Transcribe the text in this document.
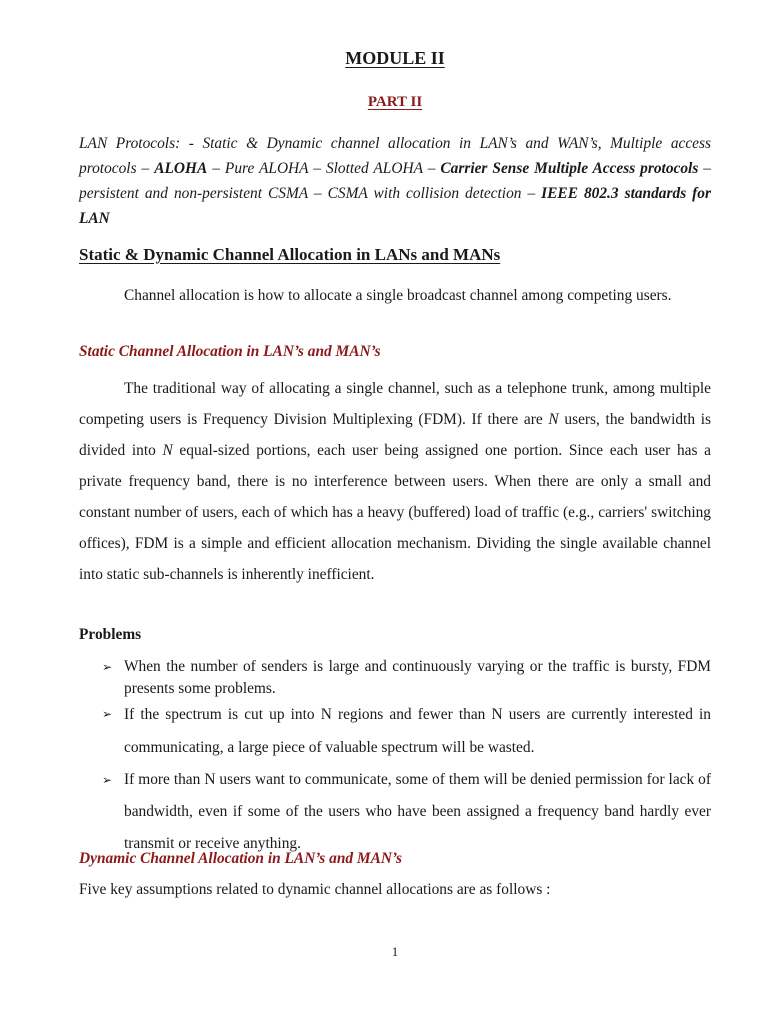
MODULE II
PART II

LAN Protocols: - Static & Dynamic channel allocation in LAN’s and WAN’s, Multiple access protocols – ALOHA – Pure ALOHA – Slotted ALOHA – Carrier Sense Multiple Access protocols – persistent and non-persistent CSMA – CSMA with collision detection – IEEE 802.3 standards for LAN

Static & Dynamic Channel Allocation in LANs and MANs

Channel allocation is how to allocate a single broadcast channel among competing users.

Static Channel Allocation in LAN’s and MAN’s

The traditional way of allocating a single channel, such as a telephone trunk, among multiple competing users is Frequency Division Multiplexing (FDM). If there are N users, the bandwidth is divided into N equal-sized portions, each user being assigned one portion. Since each user has a private frequency band, there is no interference between users. When there are only a small and constant number of users, each of which has a heavy (buffered) load of traffic (e.g., carriers' switching offices), FDM is a simple and efficient allocation mechanism. Dividing the single available channel into static sub-channels is inherently inefficient.

Problems
➢ When the number of senders is large and continuously varying or the traffic is bursty, FDM presents some problems.
➢ If the spectrum is cut up into N regions and fewer than N users are currently interested in communicating, a large piece of valuable spectrum will be wasted.
➢ If more than N users want to communicate, some of them will be denied permission for lack of bandwidth, even if some of the users who have been assigned a frequency band hardly ever transmit or receive anything.
Dynamic Channel Allocation in LAN’s and MAN’s

Five key assumptions related to dynamic channel allocations are as follows :

1
